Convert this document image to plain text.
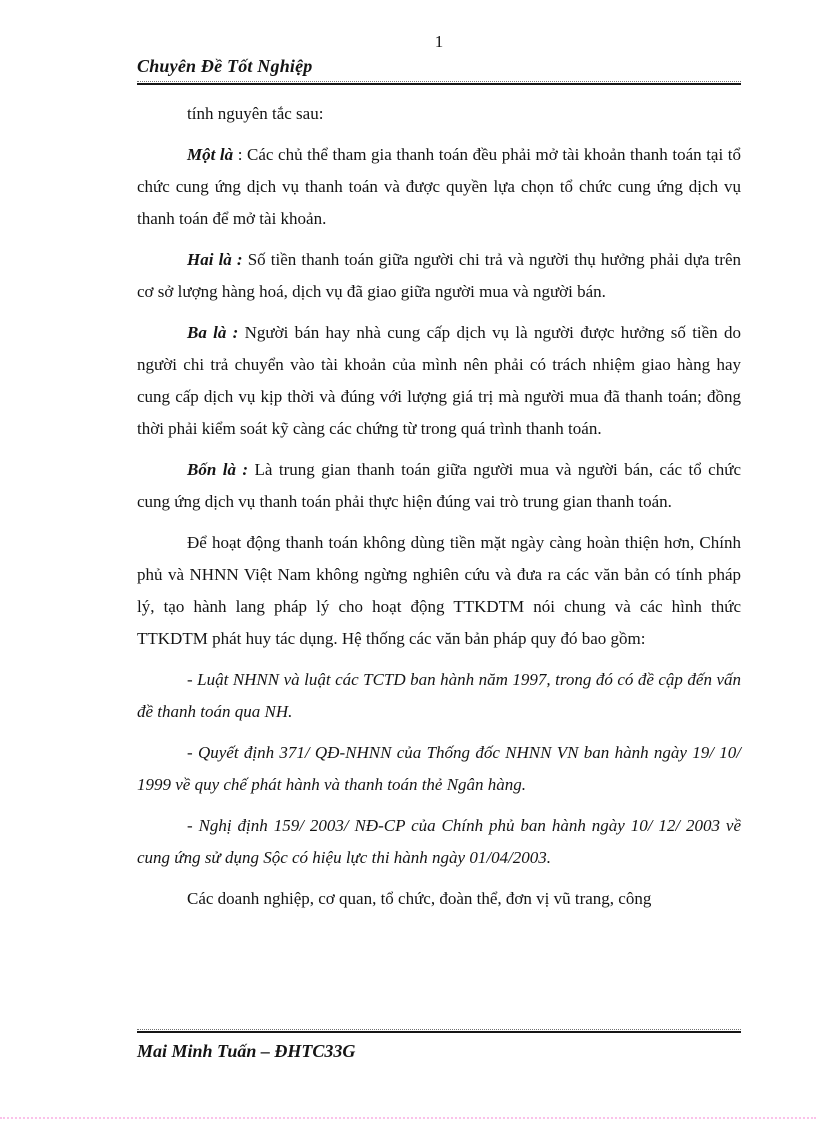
1
Chuyên Đề Tốt Nghiệp

tính nguyên tắc sau:

Một là : Các chủ thể tham gia thanh toán đều phải mở tài khoản thanh toán tại tổ chức cung ứng dịch vụ thanh toán và được quyền lựa chọn tổ chức cung ứng dịch vụ thanh toán để mở tài khoản.

Hai là : Số tiền thanh toán giữa người chi trả và người thụ hưởng phải dựa trên cơ sở lượng hàng hoá, dịch vụ đã giao giữa người mua và người bán.

Ba là : Người bán hay nhà cung cấp dịch vụ là người được hưởng số tiền do người chi trả chuyển vào tài khoản của mình nên phải có trách nhiệm giao hàng hay cung cấp dịch vụ kịp thời và đúng với lượng giá trị mà người mua đã thanh toán; đồng thời phải kiểm soát kỹ càng các chứng từ trong quá trình thanh toán.

Bốn là : Là trung gian thanh toán giữa người mua và người bán, các tổ chức cung ứng dịch vụ thanh toán phải thực hiện đúng vai trò trung gian thanh toán.

Để hoạt động thanh toán không dùng tiền mặt ngày càng hoàn thiện hơn, Chính phủ và NHNN Việt Nam không ngừng nghiên cứu và đưa ra các văn bản có tính pháp lý, tạo hành lang pháp lý cho hoạt động TTKDTM nói chung và các hình thức TTKDTM phát huy tác dụng. Hệ thống các văn bản pháp quy đó bao gồm:

- Luật NHNN và luật các TCTD ban hành năm 1997, trong đó có đề cập đến vấn đề thanh toán qua NH.

- Quyết định 371/ QĐ-NHNN của Thống đốc NHNN VN ban hành ngày 19/ 10/ 1999 về quy chế phát hành và thanh toán thẻ Ngân hàng.

- Nghị định 159/ 2003/ NĐ-CP của Chính phủ ban hành ngày 10/ 12/ 2003 về cung ứng sử dụng Sộc có hiệu lực thi hành ngày 01/04/2003.

Các doanh nghiệp, cơ quan, tổ chức, đoàn thể, đơn vị vũ trang, công

Mai Minh Tuấn – ĐHTC33G
